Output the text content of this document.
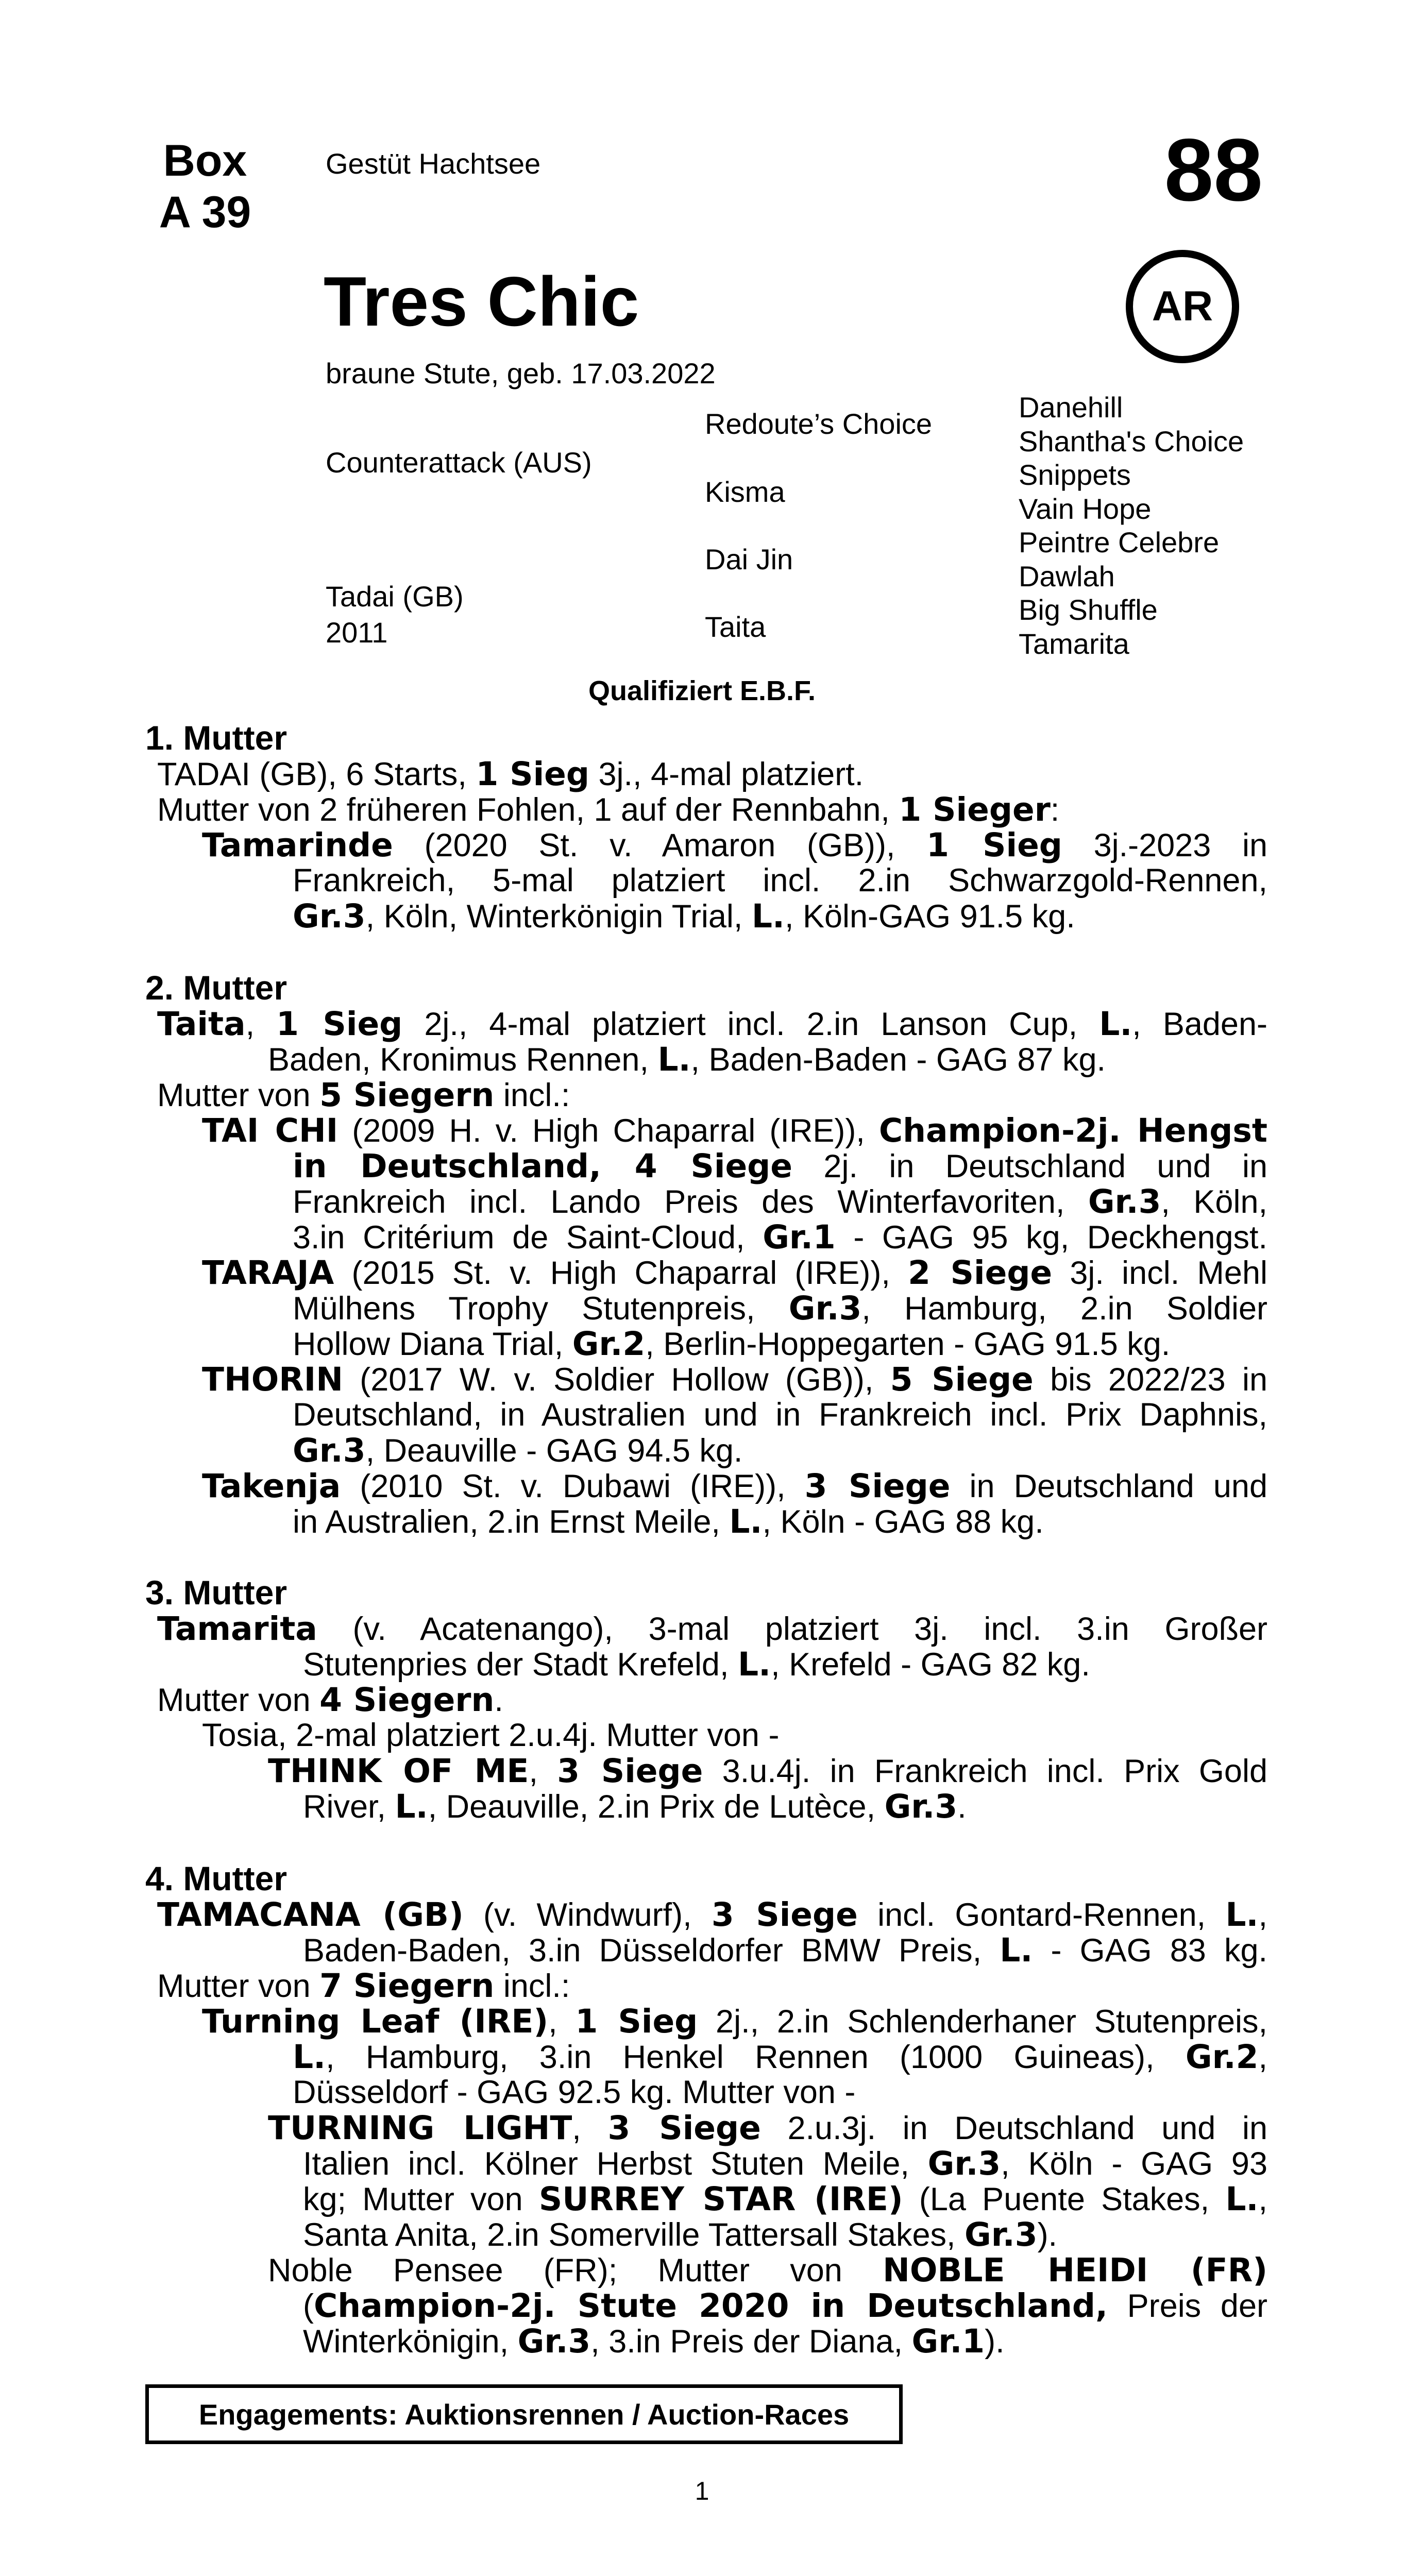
Box
A 39
Gestüt Hachtsee	88
AR
Tres Chic
braune Stute, geb. 17.03.2022
Counterattack (AUS)
Tadai (GB)
2011
Redoute’s Choice
Kisma
Dai Jin
Taita
Danehill
Shantha's Choice
Snippets
Vain Hope
Peintre Celebre
Dawlah
Big Shuffle
Tamarita
Qualifiziert E.B.F.
1. Mutter
2. Mutter
3. Mutter
4. Mutter
TADAI (GB), 6 Starts, 1 Sieg 3j., 4-mal platziert.
Mutter von 2 früheren Fohlen, 1 auf der Rennbahn, 1 Sieger:
Tamarinde (2020 St. v. Amaron (GB)), 1 Sieg 3j.-2023 in
Frankreich, 5-mal platziert incl. 2.in Schwarzgold-Rennen,
Gr.3, Köln, Winterkönigin Trial, L., Köln-GAG 91.5 kg.
Taita, 1 Sieg 2j., 4-mal platziert incl. 2.in Lanson Cup, L., Baden-
Baden, Kronimus Rennen, L., Baden-Baden - GAG 87 kg.
Mutter von 5 Siegern incl.:
TAI CHI (2009 H. v. High Chaparral (IRE)), Champion-2j. Hengst
in Deutschland, 4 Siege 2j. in Deutschland und in
Frankreich incl. Lando Preis des Winterfavoriten, Gr.3, Köln,
3.in Critérium de Saint-Cloud, Gr.1 - GAG 95 kg, Deckhengst.
TARAJA (2015 St. v. High Chaparral (IRE)), 2 Siege 3j. incl. Mehl
Mülhens Trophy Stutenpreis, Gr.3, Hamburg, 2.in Soldier
Hollow Diana Trial, Gr.2, Berlin-Hoppegarten - GAG 91.5 kg.
THORIN (2017 W. v. Soldier Hollow (GB)), 5 Siege bis 2022/23 in
Deutschland, in Australien und in Frankreich incl. Prix Daphnis,
Gr.3, Deauville - GAG 94.5 kg.
Takenja (2010 St. v. Dubawi (IRE)), 3 Siege in Deutschland und
in Australien, 2.in Ernst Meile, L., Köln - GAG 88 kg.
Tamarita (v. Acatenango), 3-mal platziert 3j. incl. 3.in Großer
Stutenpries der Stadt Krefeld, L., Krefeld - GAG 82 kg.
Mutter von 4 Siegern.
Tosia, 2-mal platziert 2.u.4j. Mutter von -
THINK OF ME, 3 Siege 3.u.4j. in Frankreich incl. Prix Gold
River, L., Deauville, 2.in Prix de Lutèce, Gr.3.
TAMACANA (GB) (v. Windwurf), 3 Siege incl. Gontard-Rennen, L.,
Baden-Baden, 3.in Düsseldorfer BMW Preis, L. - GAG 83 kg.
Mutter von 7 Siegern incl.:
Turning Leaf (IRE), 1 Sieg 2j., 2.in Schlenderhaner Stutenpreis,
L., Hamburg, 3.in Henkel Rennen (1000 Guineas), Gr.2,
Düsseldorf - GAG 92.5 kg. Mutter von -
TURNING LIGHT, 3 Siege 2.u.3j. in Deutschland und in
Italien incl. Kölner Herbst Stuten Meile, Gr.3, Köln - GAG 93
kg; Mutter von SURREY STAR (IRE) (La Puente Stakes, L.,
Santa Anita, 2.in Somerville Tattersall Stakes, Gr.3).
Noble Pensee (FR); Mutter von NOBLE HEIDI (FR)
(Champion-2j. Stute 2020 in Deutschland, Preis der
Winterkönigin, Gr.3, 3.in Preis der Diana, Gr.1).
Engagements: Auktionsrennen / Auction-Races
1
